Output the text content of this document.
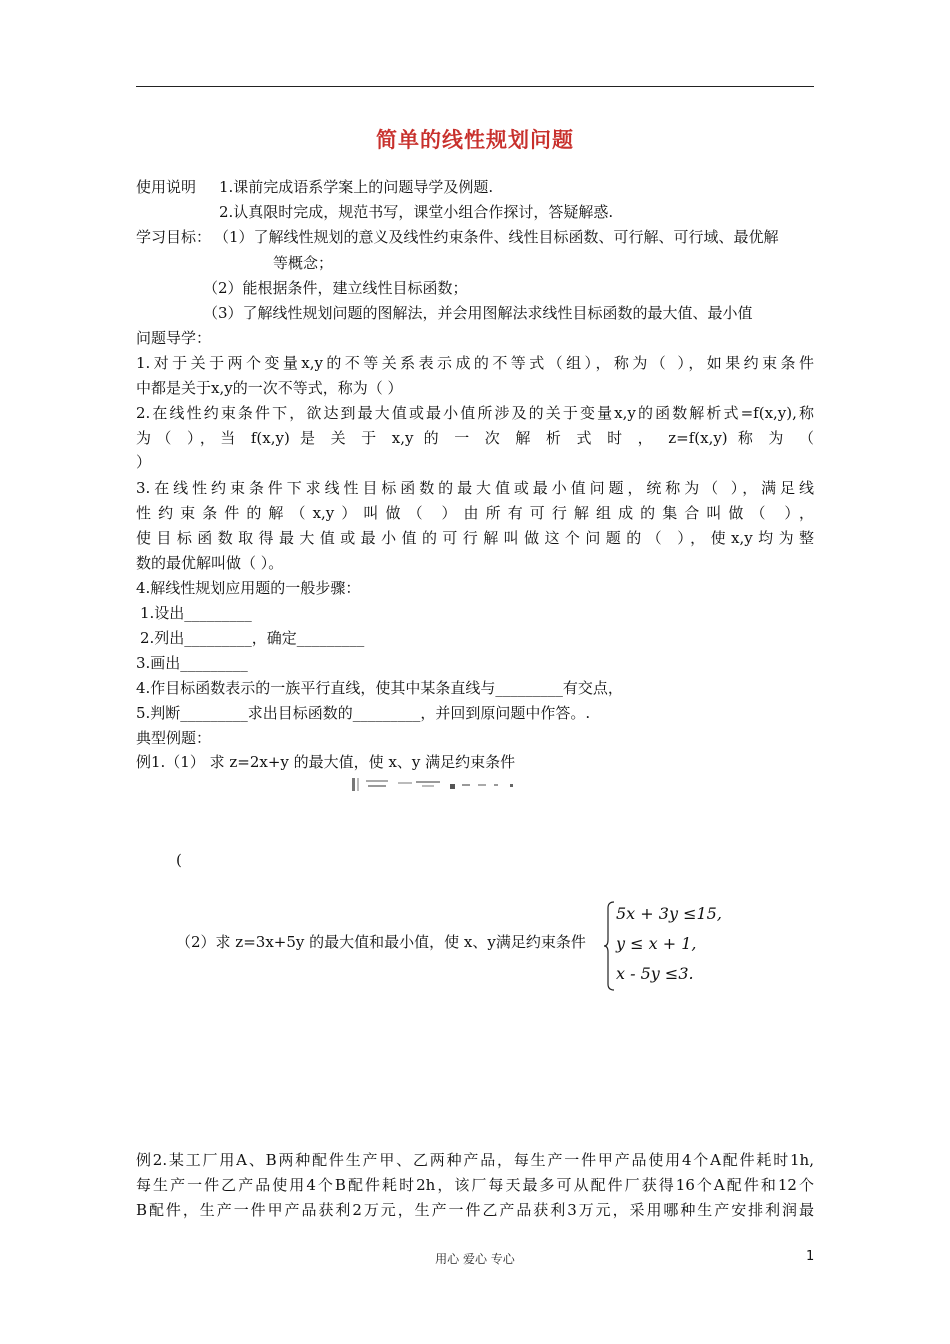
简单的线性规划问题
使用说明 1.课前完成语系学案上的问题导学及例题.
2.认真限时完成，规范书写，课堂小组合作探讨，答疑解惑.
学习目标： （1）了解线性规划的意义及线性约束条件、线性目标函数、可行解、可行域、最优解
等概念；
（2）能根据条件，建立线性目标函数；
（3）了解线性规划问题的图解法，并会用图解法求线性目标函数的最大值、最小值
问题导学：
1.对于关于两个变量x,y的不等关系表示成的不等式（组），称为（ ），如果约束条件
中都是关于x,y的一次不等式，称为（ ）
2.在线性约束条件下，欲达到最大值或最小值所涉及的关于变量x,y的函数解析式=f(x,y),称
为（ ），当 f(x,y) 是 关 于 x,y 的 一 次 解 析 式 时 ， z=f(x,y) 称 为 （
）
3.在线性约束条件下求线性目标函数的最大值或最小值问题，统称为（ ），满足线
性约束条件的解（x,y）叫做（ ）由所有可行解组成的集合叫做（ ），
使目标函数取得最大值或最小值的可行解叫做这个问题的（ ），使x,y均为整
数的最优解叫做（ ）。
4.解线性规划应用题的一般步骤：
1.设出_________
2.列出_________，确定_________
3.画出_________
4.作目标函数表示的一族平行直线，使其中某条直线与_________有交点，
5.判断_________求出目标函数的_________，并回到原问题中作答。.
典型例题：
例1.（1） 求 z=2x+y 的最大值，使 x、y 满足约束条件
(
（2）求 z=3x+5y 的最大值和最小值，使 x、y满足约束条件
5x + 3y ≤15,
y ≤ x + 1,
x - 5y ≤3.
例2.某工厂用A、B两种配件生产甲、乙两种产品，每生产一件甲产品使用4个A配件耗时1h,
每生产一件乙产品使用4个B配件耗时2h，该厂每天最多可从配件厂获得16个A配件和12个
B配件，生产一件甲产品获利2万元，生产一件乙产品获利3万元，采用哪种生产安排利润最
用心 爱心 专心	1
